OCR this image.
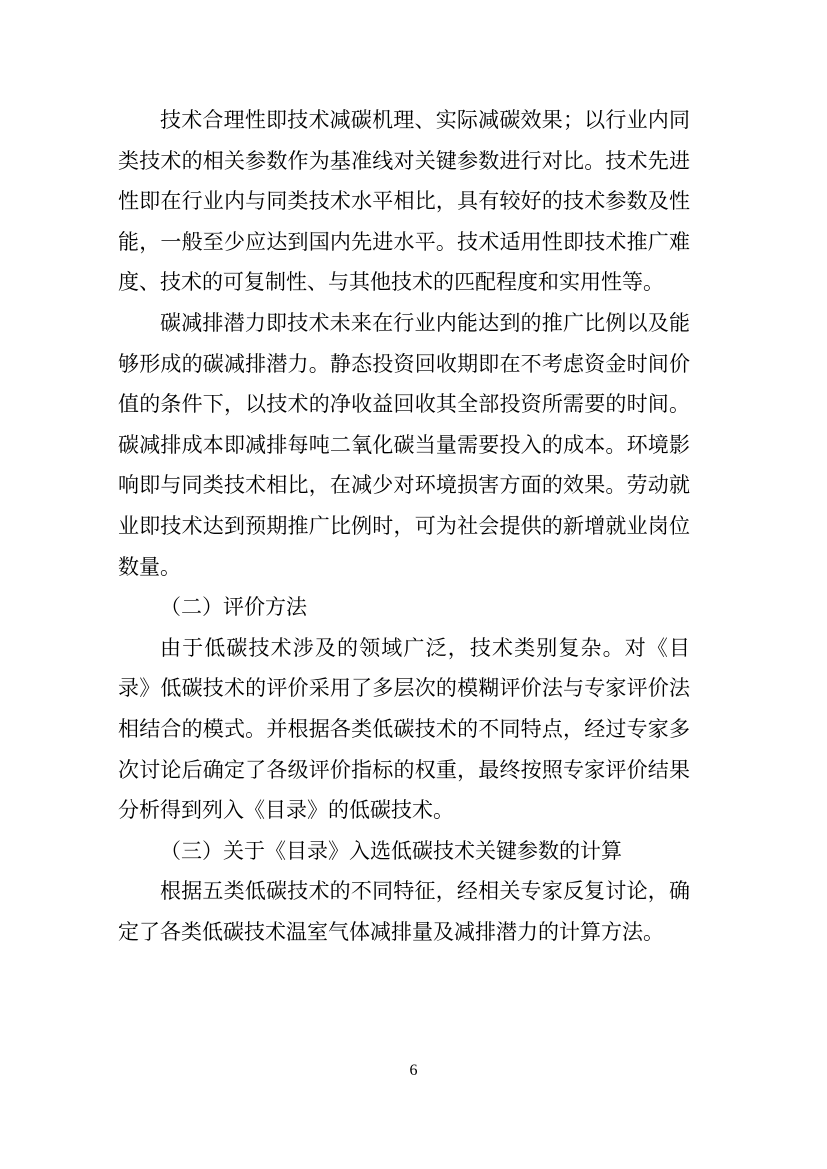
技术合理性即技术减碳机理、实际减碳效果；以行业内同类技术的相关参数作为基准线对关键参数进行对比。技术先进性即在行业内与同类技术水平相比，具有较好的技术参数及性能，一般至少应达到国内先进水平。技术适用性即技术推广难度、技术的可复制性、与其他技术的匹配程度和实用性等。

碳减排潜力即技术未来在行业内能达到的推广比例以及能够形成的碳减排潜力。静态投资回收期即在不考虑资金时间价值的条件下，以技术的净收益回收其全部投资所需要的时间。碳减排成本即减排每吨二氧化碳当量需要投入的成本。环境影响即与同类技术相比，在减少对环境损害方面的效果。劳动就业即技术达到预期推广比例时，可为社会提供的新增就业岗位数量。

（二）评价方法

由于低碳技术涉及的领域广泛，技术类别复杂。对《目录》低碳技术的评价采用了多层次的模糊评价法与专家评价法相结合的模式。并根据各类低碳技术的不同特点，经过专家多次讨论后确定了各级评价指标的权重，最终按照专家评价结果分析得到列入《目录》的低碳技术。

（三）关于《目录》入选低碳技术关键参数的计算

根据五类低碳技术的不同特征，经相关专家反复讨论，确定了各类低碳技术温室气体减排量及减排潜力的计算方法。

6
